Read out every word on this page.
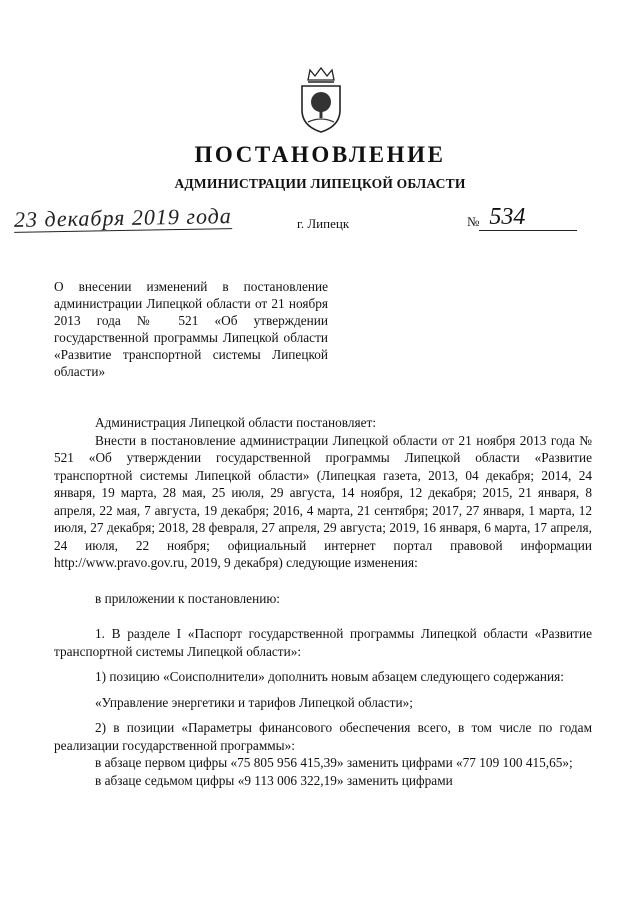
ПОСТАНОВЛЕНИЕ
АДМИНИСТРАЦИИ ЛИПЕЦКОЙ ОБЛАСТИ
23 декабря 2019 года	г. Липецк	№ 534
О внесении изменений в постановление администрации Липецкой области от 21 ноября 2013 года № 521 «Об утверждении государственной программы Липецкой области «Развитие транспортной системы Липецкой области»

Администрация Липецкой области постановляет:

Внести в постановление администрации Липецкой области от 21 ноября 2013 года № 521 «Об утверждении государственной программы Липецкой области «Развитие транспортной системы Липецкой области» (Липецкая газета, 2013, 04 декабря; 2014, 24 января, 19 марта, 28 мая, 25 июля, 29 августа, 14 ноября, 12 декабря; 2015, 21 января, 8 апреля, 22 мая, 7 августа, 19 декабря; 2016, 4 марта, 21 сентября; 2017, 27 января, 1 марта, 12 июля, 27 декабря; 2018, 28 февраля, 27 апреля, 29 августа; 2019, 16 января, 6 марта, 17 апреля, 24 июля, 22 ноября; официальный интернет портал правовой информации http://www.pravo.gov.ru, 2019, 9 декабря) следующие изменения:

в приложении к постановлению:

1. В разделе I «Паспорт государственной программы Липецкой области «Развитие транспортной системы Липецкой области»:

1) позицию «Соисполнители» дополнить новым абзацем следующего содержания:

«Управление энергетики и тарифов Липецкой области»;

2) в позиции «Параметры финансового обеспечения всего, в том числе по годам реализации государственной программы»:

в абзаце первом цифры «75 805 956 415,39» заменить цифрами «77 109 100 415,65»;

в абзаце седьмом цифры «9 113 006 322,19» заменить цифрами
